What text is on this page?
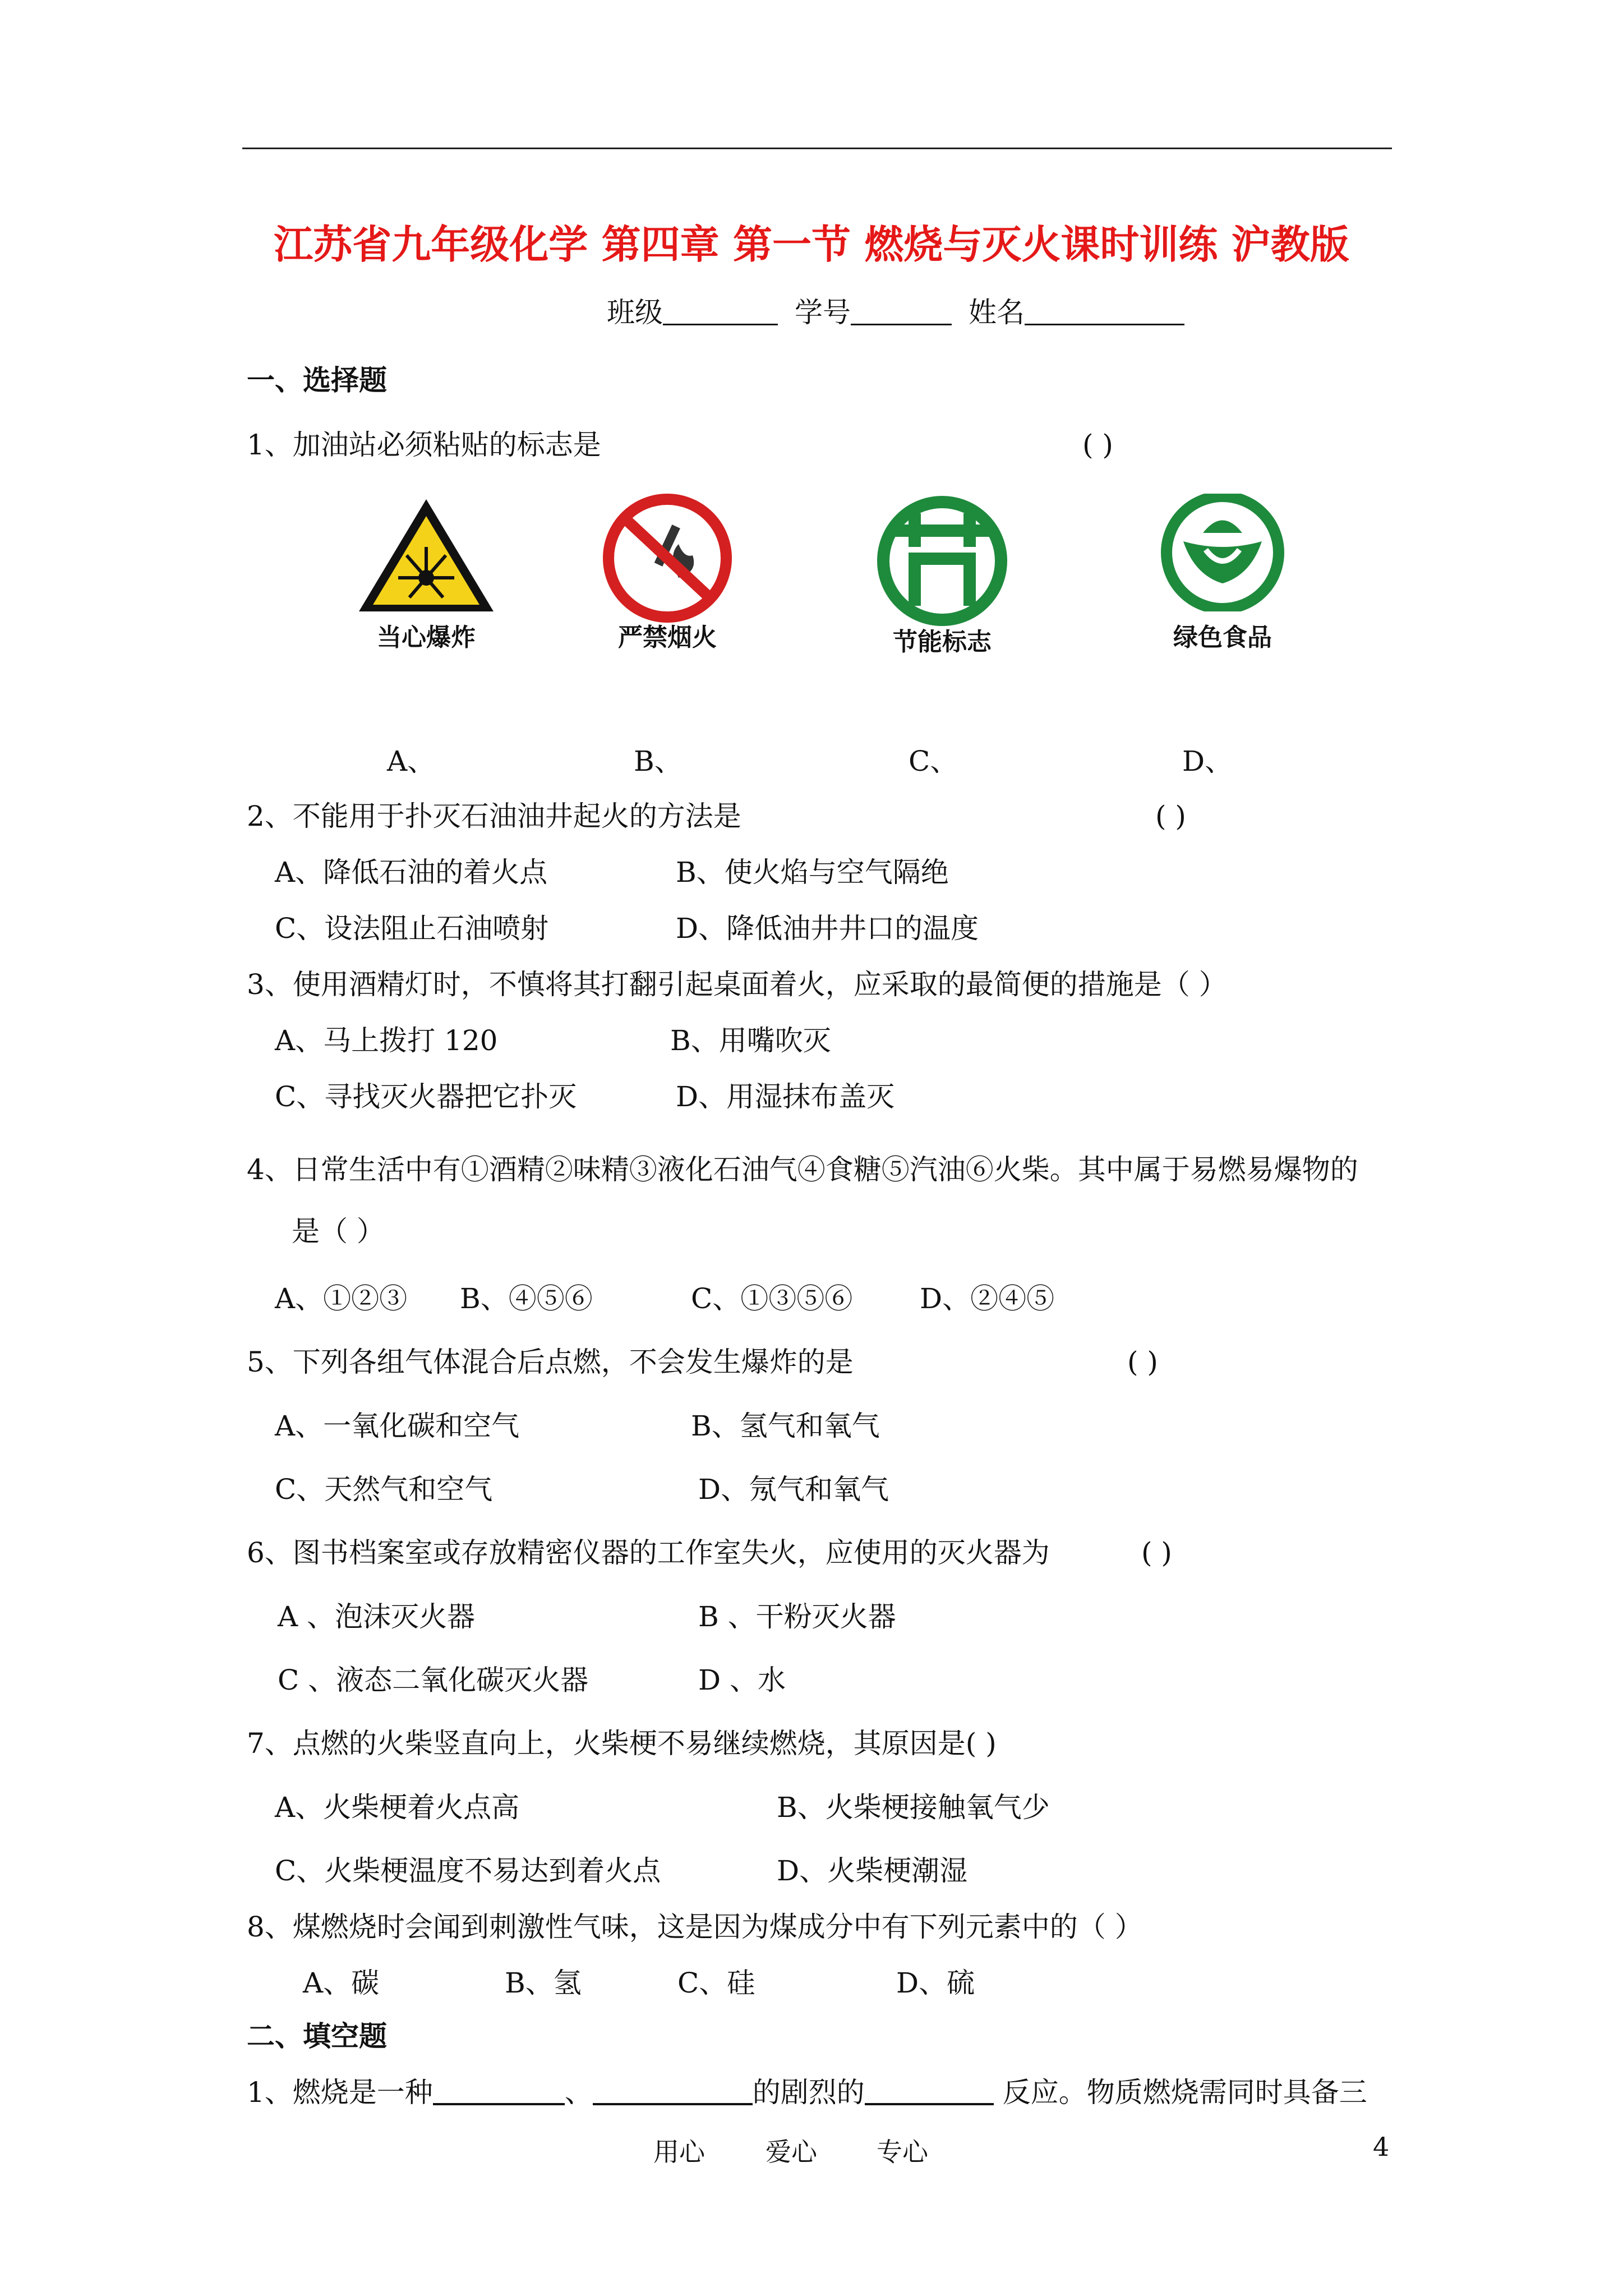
江苏省九年级化学 第四章 第一节 燃烧与灭火课时训练 沪教版
班级	学号	姓名
一、选择题
1、加油站必须粘贴的标志是	( )
当心爆炸	严禁烟火	节能标志	绿色食品
A、	B、	C、	D、
2、不能用于扑灭石油油井起火的方法是	( )
A、降低石油的着火点	B、使火焰与空气隔绝
C、设法阻止石油喷射	D、降低油井井口的温度
3、使用酒精灯时，不慎将其打翻引起桌面着火，应采取的最简便的措施是（ ）
A、马上拨打 120	B、用嘴吹灭
C、寻找灭火器把它扑灭	D、用湿抹布盖灭
4、日常生活中有①酒精②味精③液化石油气④食糖⑤汽油⑥火柴。其中属于易燃易爆物的
是（ ）
A、①②③ B、④⑤⑥	C、①③⑤⑥ D、②④⑤
5、下列各组气体混合后点燃，不会发生爆炸的是	( )
A、一氧化碳和空气	B、氢气和氧气
C、天然气和空气	D、氖气和氧气
6、图书档案室或存放精密仪器的工作室失火，应使用的灭火器为	( )
A 、泡沫灭火器	B 、干粉灭火器
C 、液态二氧化碳灭火器	D 、水
7、点燃的火柴竖直向上，火柴梗不易继续燃烧，其原因是( )
A、火柴梗着火点高	B、火柴梗接触氧气少
C、火柴梗温度不易达到着火点	D、火柴梗潮湿
8、煤燃烧时会闻到刺激性气味，这是因为煤成分中有下列元素中的（ ）
A、碳	B、氢	C、硅	D、硫
二、填空题
1、燃烧是一种	、	的剧烈的	反应。物质燃烧需同时具备三
用心 爱心 专心	4
